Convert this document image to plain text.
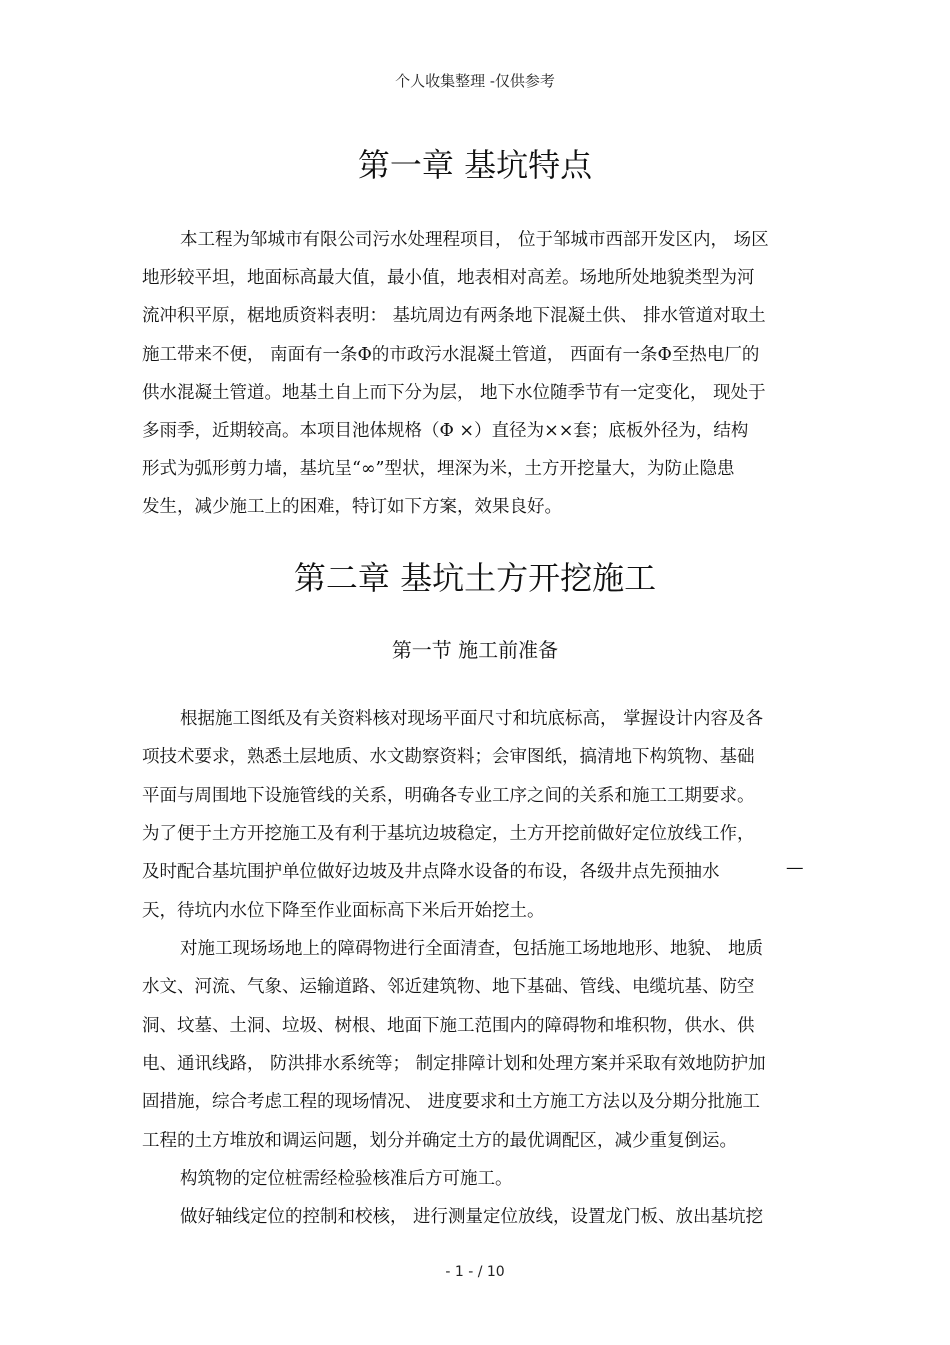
个人收集整理 -仅供参考
第一章 基坑特点
本工程为邹城市有限公司污水处理程项目， 位于邹城市西部开发区内， 场区
地形较平坦，地面标高最大值，最小值，地表相对高差。场地所处地貌类型为河
流冲积平原，椐地质资料表明： 基坑周边有两条地下混凝土供、 排水管道对取土
施工带来不便， 南面有一条Φ的市政污水混凝土管道， 西面有一条Φ至热电厂的
供水混凝土管道。地基土自上而下分为层， 地下水位随季节有一定变化， 现处于
多雨季，近期较高。本项目池体规格（Φ ×）直径为××套；底板外径为，结构
形式为弧形剪力墙，基坑呈“∞”型状，埋深为米，土方开挖量大，为防止隐患
发生，减少施工上的困难，特订如下方案，效果良好。
第二章 基坑土方开挖施工
第一节 施工前准备
根据施工图纸及有关资料核对现场平面尺寸和坑底标高， 掌握设计内容及各
项技术要求，熟悉土层地质、水文勘察资料；会审图纸，搞清地下构筑物、基础
平面与周围地下设施管线的关系，明确各专业工序之间的关系和施工工期要求。
为了便于土方开挖施工及有利于基坑边坡稳定，土方开挖前做好定位放线工作，
及时配合基坑围护单位做好边坡及井点降水设备的布设，各级井点先预抽水	—
天，待坑内水位下降至作业面标高下米后开始挖土。
对施工现场场地上的障碍物进行全面清查，包括施工场地地形、地貌、 地质
水文、河流、气象、运输道路、邻近建筑物、地下基础、管线、电缆坑基、防空
洞、坟墓、土洞、垃圾、树根、地面下施工范围内的障碍物和堆积物，供水、供
电、通讯线路， 防洪排水系统等； 制定排障计划和处理方案并采取有效地防护加
固措施，综合考虑工程的现场情况、 进度要求和土方施工方法以及分期分批施工
工程的土方堆放和调运问题，划分并确定土方的最优调配区，减少重复倒运。
构筑物的定位桩需经检验核准后方可施工。
做好轴线定位的控制和校核， 进行测量定位放线，设置龙门板、放出基坑挖
- 1 - / 10
